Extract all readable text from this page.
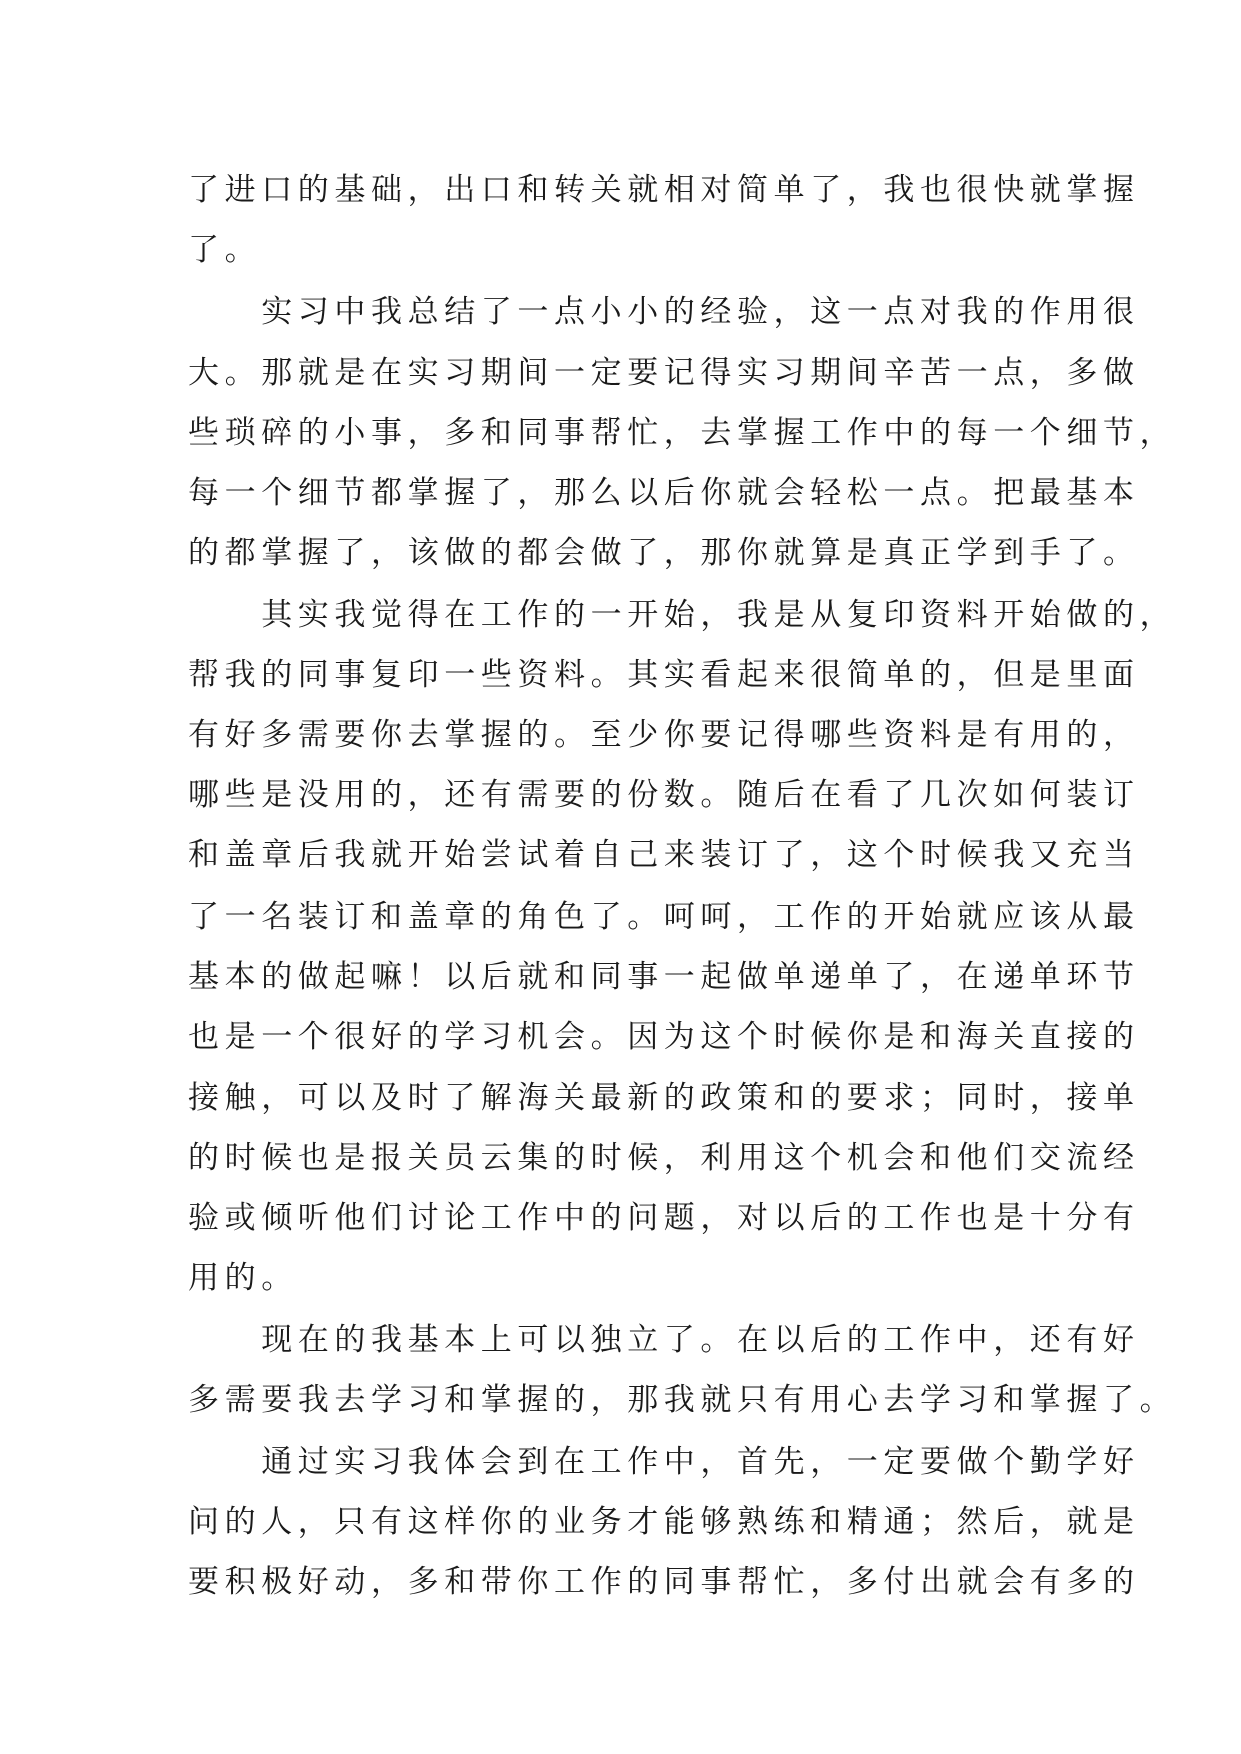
了进口的基础，出口和转关就相对简单了，我也很快就掌握
了。
　　实习中我总结了一点小小的经验，这一点对我的作用很
大。那就是在实习期间一定要记得实习期间辛苦一点，多做
些琐碎的小事，多和同事帮忙，去掌握工作中的每一个细节，
每一个细节都掌握了，那么以后你就会轻松一点。把最基本
的都掌握了，该做的都会做了，那你就算是真正学到手了。
　　其实我觉得在工作的一开始，我是从复印资料开始做的，
帮我的同事复印一些资料。其实看起来很简单的，但是里面
有好多需要你去掌握的。至少你要记得哪些资料是有用的，
哪些是没用的，还有需要的份数。随后在看了几次如何装订
和盖章后我就开始尝试着自己来装订了，这个时候我又充当
了一名装订和盖章的角色了。呵呵，工作的开始就应该从最
基本的做起嘛！以后就和同事一起做单递单了，在递单环节
也是一个很好的学习机会。因为这个时候你是和海关直接的
接触，可以及时了解海关最新的政策和的要求；同时，接单
的时候也是报关员云集的时候，利用这个机会和他们交流经
验或倾听他们讨论工作中的问题，对以后的工作也是十分有
用的。
　　现在的我基本上可以独立了。在以后的工作中，还有好
多需要我去学习和掌握的，那我就只有用心去学习和掌握了。
　　通过实习我体会到在工作中，首先，一定要做个勤学好
问的人，只有这样你的业务才能够熟练和精通；然后，就是
要积极好动，多和带你工作的同事帮忙，多付出就会有多的
